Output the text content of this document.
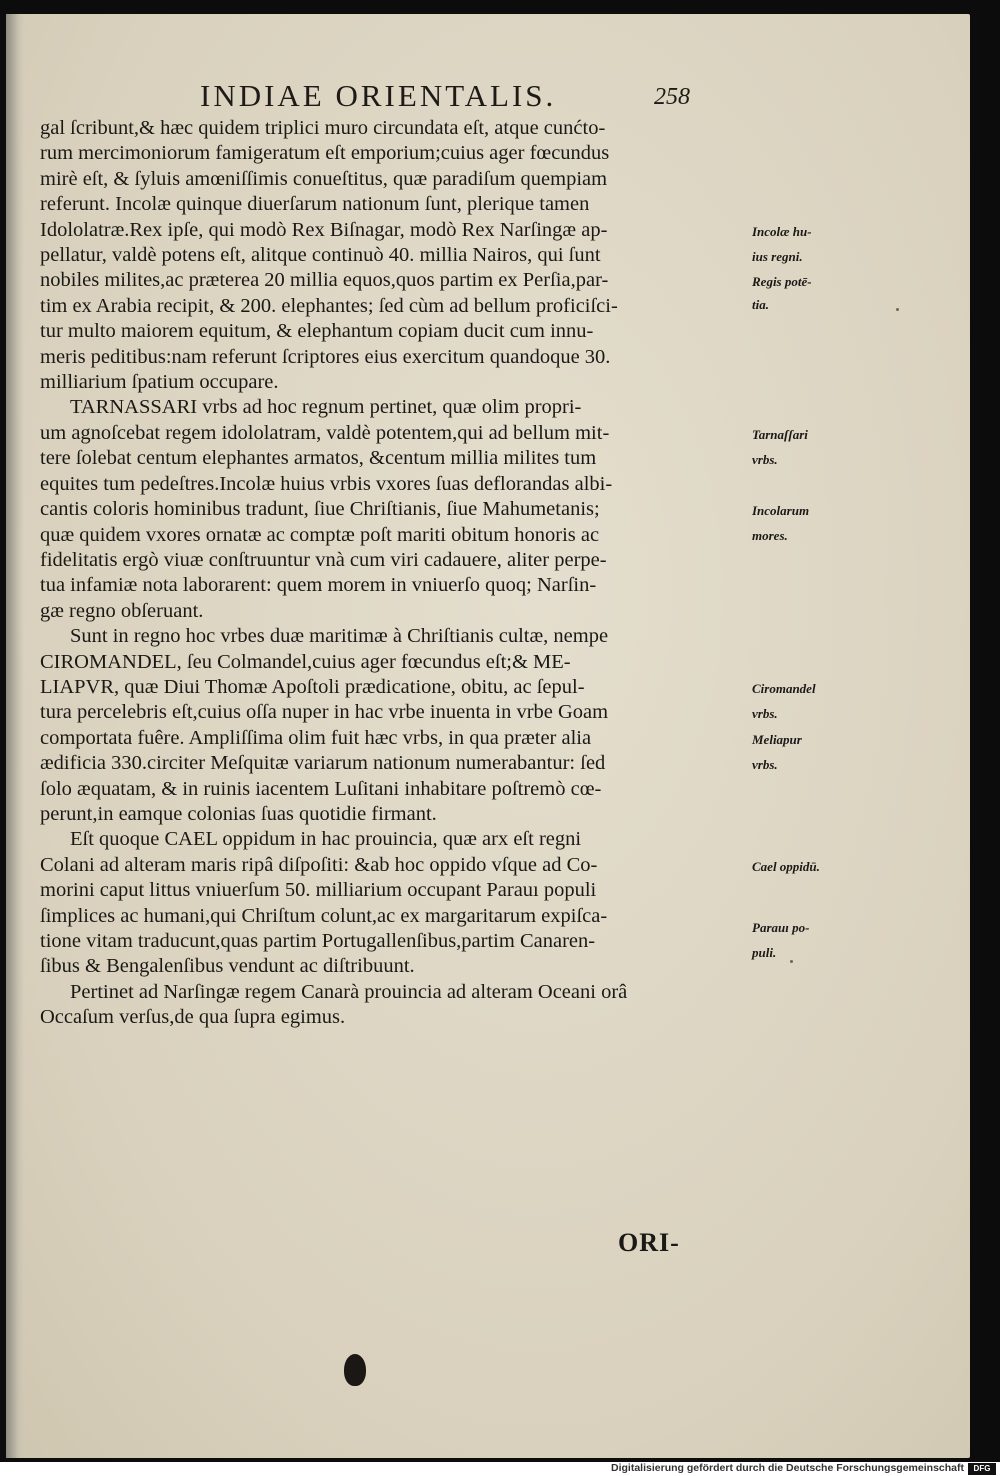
INDIAE ORIENTALIS.	258
gal ſcribunt,& hæc quidem triplici muro circundata eſt, atque cunćto-
rum mercimoniorum famigeratum eſt emporium;cuius ager fœcundus
mirè eſt, & ſyluis amœniſſimis conueſtitus, quæ paradiſum quempiam
referunt. Incolæ quinque diuerſarum nationum ſunt, plerique tamen
Idololatræ.Rex ipſe, qui modò Rex Biſnagar, modò Rex Narſingæ ap-
pellatur, valdè potens eſt, alitque continuò 40. millia Nairos, qui ſunt
nobiles milites,ac præterea 20 millia equos,quos partim ex Perſia,par-
tim ex Arabia recipit, & 200. elephantes; ſed cùm ad bellum proficiſci-
tur multo maiorem equitum, & elephantum copiam ducit cum innu-
meris peditibus:nam referunt ſcriptores eius exercitum quandoque 30.
milliarium ſpatium occupare.
TARNASSARI vrbs ad hoc regnum pertinet, quæ olim propri-
um agnoſcebat regem idololatram, valdè potentem,qui ad bellum mit-
tere ſolebat centum elephantes armatos, &centum millia milites tum
equites tum pedeſtres.Incolæ huius vrbis vxores ſuas deflorandas albi-
cantis coloris hominibus tradunt, ſiue Chriſtianis, ſiue Mahumetanis;
quæ quidem vxores ornatæ ac comptæ poſt mariti obitum honoris ac
fidelitatis ergò viuæ conſtruuntur vnà cum viri cadauere, aliter perpe-
tua infamiæ nota laborarent: quem morem in vniuerſo quoq; Narſin-
gæ regno obſeruant.
Sunt in regno hoc vrbes duæ maritimæ à Chriſtianis cultæ, nempe
CIROMANDEL, ſeu Colmandel,cuius ager fœcundus eſt;& ME-
LIAPVR, quæ Diui Thomæ Apoſtoli prædicatione, obitu, ac ſepul-
tura percelebris eſt,cuius oſſa nuper in hac vrbe inuenta in vrbe Goam
comportata fuêre. Ampliſſima olim fuit hæc vrbs, in qua præter alia
ædificia 330.circiter Meſquitæ variarum nationum numerabantur: ſed
ſolo æquatam, & in ruinis iacentem Luſitani inhabitare poſtremò cœ-
perunt,in eamque colonias ſuas quotidie firmant.
Eſt quoque CAEL oppidum in hac prouincia, quæ arx eſt regni
Colani ad alteram maris ripâ diſpoſiti: &ab hoc oppido vſque ad Co-
morini caput littus vniuerſum 50. milliarium occupant Parauı populi
ſimplices ac humani,qui Chriſtum colunt,ac ex margaritarum expiſca-
tione vitam traducunt,quas partim Portugallenſibus,partim Canaren-
ſibus & Bengalenſibus vendunt ac diſtribuunt.
Pertinet ad Narſingæ regem Canarà prouincia ad alteram Oceani orâ
Occaſum verſus,de qua ſupra egimus.
Incolæ hu-
ius regni.
Regis potē-
tia.
Tarnaſſari
vrbs.
Incolarum
mores.
Ciromandel
vrbs.
Meliapur
vrbs.
Cael oppidū.
Parauı po-
puli.
ORI-
Digitalisierung gefördert durch die Deutsche Forschungsgemeinschaft	DFG
